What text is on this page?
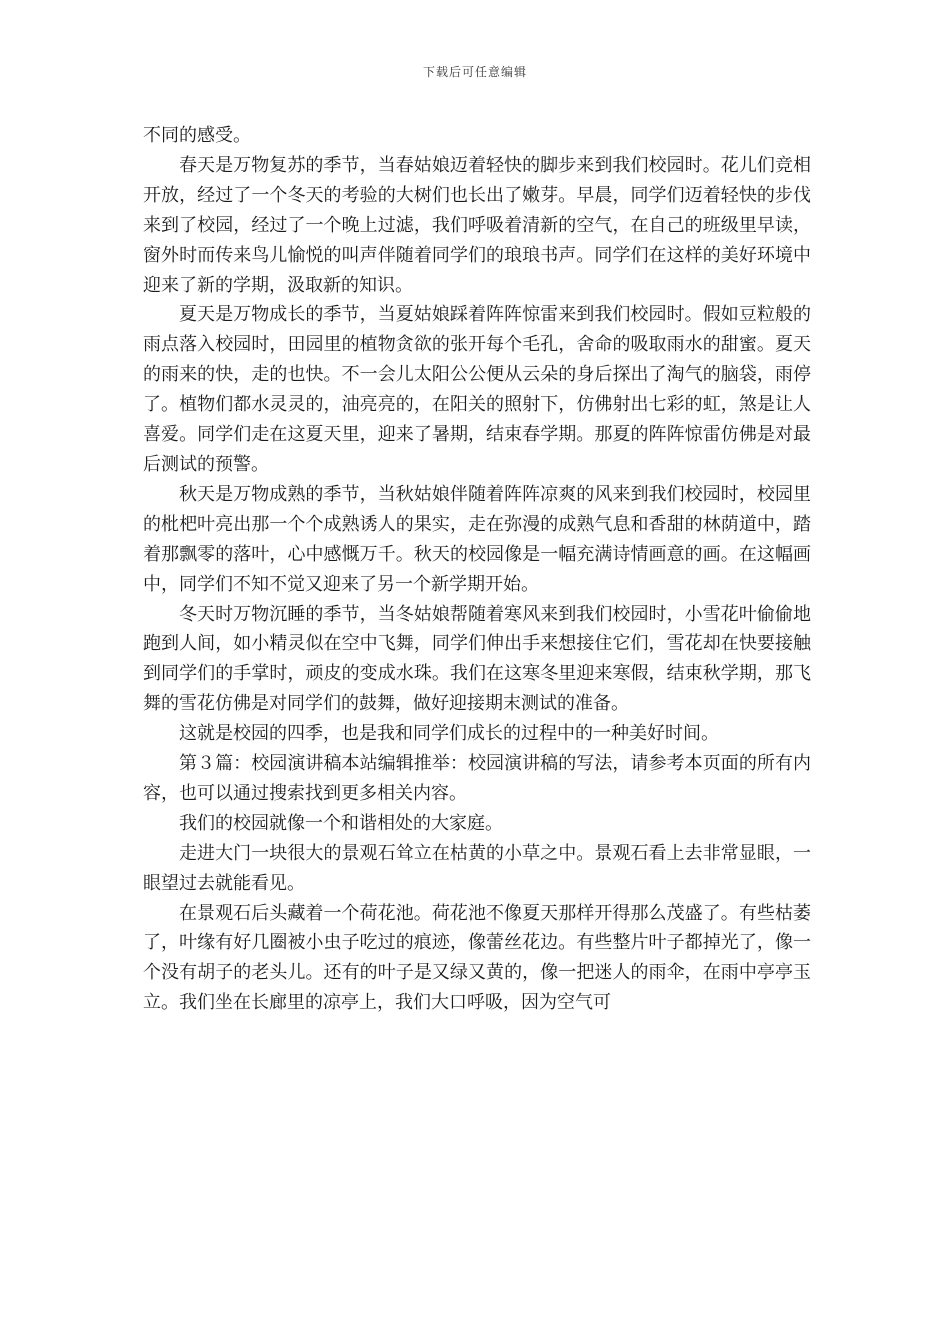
下载后可任意编辑

不同的感受。

春天是万物复苏的季节，当春姑娘迈着轻快的脚步来到我们校园时。花儿们竞相开放，经过了一个冬天的考验的大树们也长出了嫩芽。早晨，同学们迈着轻快的步伐来到了校园，经过了一个晚上过滤，我们呼吸着清新的空气，在自己的班级里早读，窗外时而传来鸟儿愉悦的叫声伴随着同学们的琅琅书声。同学们在这样的美好环境中迎来了新的学期，汲取新的知识。

夏天是万物成长的季节，当夏姑娘踩着阵阵惊雷来到我们校园时。假如豆粒般的雨点落入校园时，田园里的植物贪欲的张开每个毛孔，舍命的吸取雨水的甜蜜。夏天的雨来的快，走的也快。不一会儿太阳公公便从云朵的身后探出了淘气的脑袋，雨停了。植物们都水灵灵的，油亮亮的，在阳关的照射下，仿佛射出七彩的虹，煞是让人喜爱。同学们走在这夏天里，迎来了暑期，结束春学期。那夏的阵阵惊雷仿佛是对最后测试的预警。

秋天是万物成熟的季节，当秋姑娘伴随着阵阵凉爽的风来到我们校园时，校园里的枇杷叶亮出那一个个成熟诱人的果实，走在弥漫的成熟气息和香甜的林荫道中，踏着那飘零的落叶，心中感慨万千。秋天的校园像是一幅充满诗情画意的画。在这幅画中，同学们不知不觉又迎来了另一个新学期开始。

冬天时万物沉睡的季节，当冬姑娘帮随着寒风来到我们校园时，小雪花叶偷偷地跑到人间，如小精灵似在空中飞舞，同学们伸出手来想接住它们，雪花却在快要接触到同学们的手掌时，顽皮的变成水珠。我们在这寒冬里迎来寒假，结束秋学期，那飞舞的雪花仿佛是对同学们的鼓舞，做好迎接期末测试的准备。

这就是校园的四季，也是我和同学们成长的过程中的一种美好时间。

第３篇：校园演讲稿本站编辑推举：校园演讲稿的写法，请参考本页面的所有内容，也可以通过搜索找到更多相关内容。

我们的校园就像一个和谐相处的大家庭。

走进大门一块很大的景观石耸立在枯黄的小草之中。景观石看上去非常显眼，一眼望过去就能看见。

在景观石后头藏着一个荷花池。荷花池不像夏天那样开得那么茂盛了。有些枯萎了，叶缘有好几圈被小虫子吃过的痕迹，像蕾丝花边。有些整片叶子都掉光了，像一个没有胡子的老头儿。还有的叶子是又绿又黄的，像一把迷人的雨伞，在雨中亭亭玉立。我们坐在长廊里的凉亭上，我们大口呼吸，因为空气可
